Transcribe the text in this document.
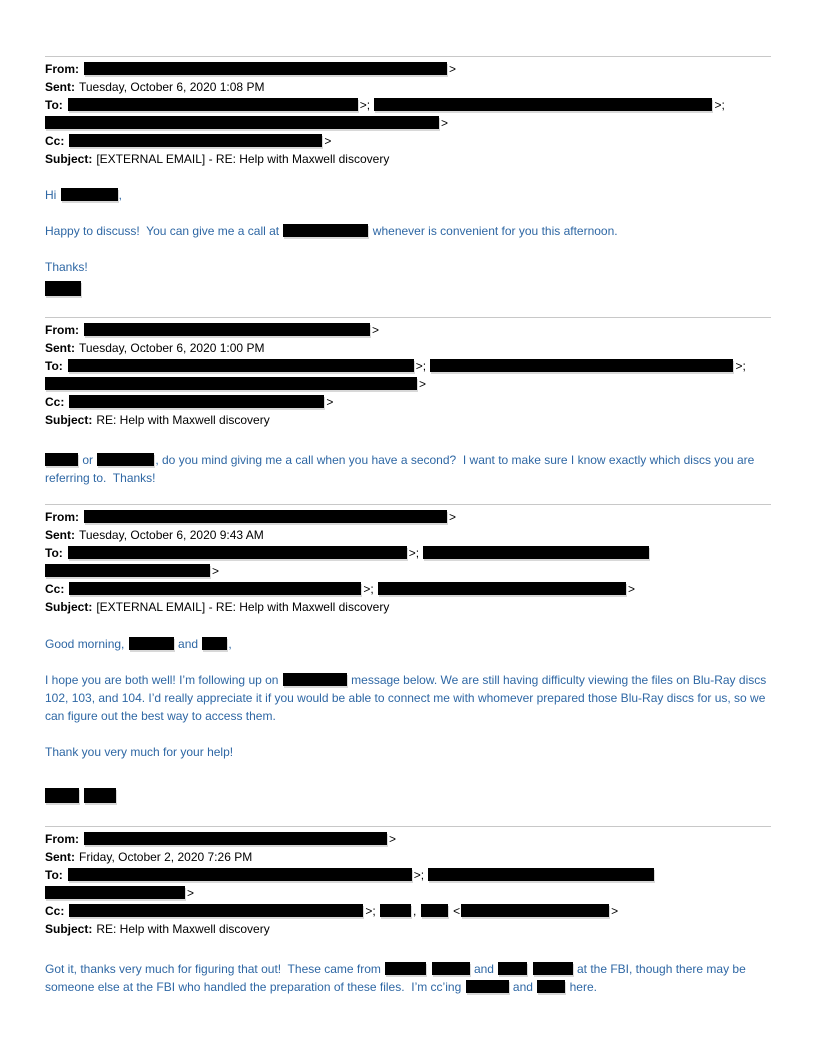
From:	>
Sent: Tuesday, October 6, 2020 1:08 PM
To:	>;	>;
>
Cc:	>
Subject: [EXTERNAL EMAIL] - RE: Help with Maxwell discovery

Hi	,

Happy to discuss!  You can give me a call at	whenever is convenient for you this afternoon.

Thanks!

From:	>
Sent: Tuesday, October 6, 2020 1:00 PM
To:	>;	>;
>
Cc:	>
Subject: RE: Help with Maxwell discovery

or	, do you mind giving me a call when you have a second?  I want to make sure I know exactly which discs you are referring to.  Thanks!

From:	>
Sent: Tuesday, October 6, 2020 9:43 AM
To:	>;
>
Cc:	>;	>
Subject: [EXTERNAL EMAIL] - RE: Help with Maxwell discovery

Good morning,	and ,

I hope you are both well! I’m following up on	message below. We are still having difficulty viewing the files on Blu-Ray discs 102, 103, and 104. I’d really appreciate it if you would be able to connect me with whomever prepared those Blu-Ray discs for us, so we can figure out the best way to access them.

Thank you very much for your help!

From:	>
Sent: Friday, October 2, 2020 7:26 PM
To:	>;
>
Cc:	>;	,	<	>
Subject: RE: Help with Maxwell discovery

Got it, thanks very much for figuring that out!  These came from	and	at the FBI, though there may be someone else at the FBI who handled the preparation of these files.  I’m cc’ing	and	here.
